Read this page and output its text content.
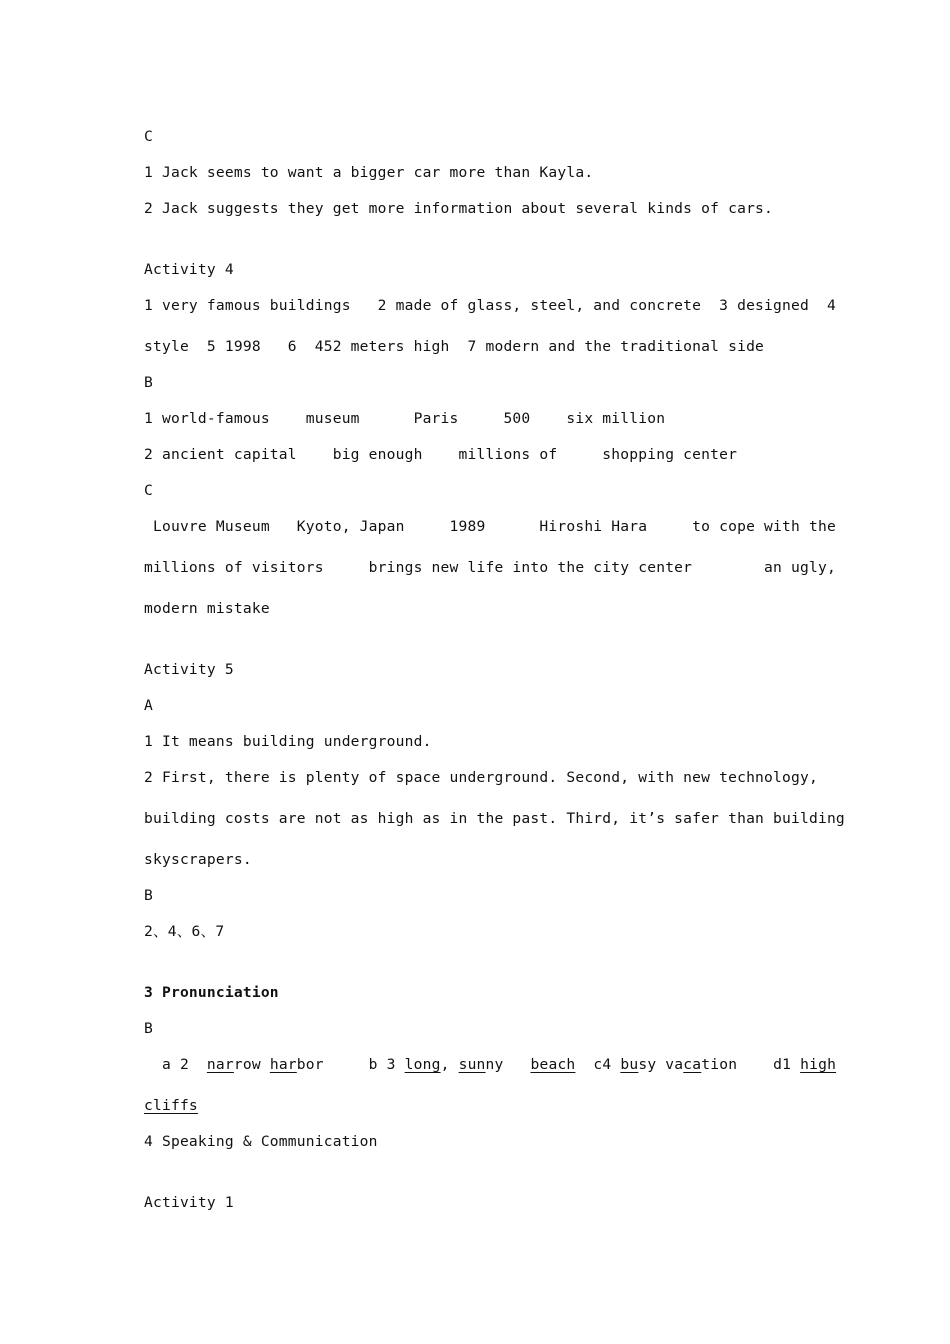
C

1 Jack seems to want a bigger car more than Kayla.

2 Jack suggests they get more information about several kinds of cars.

Activity 4

1 very famous buildings   2 made of glass, steel, and concrete  3 designed  4

style  5 1998   6  452 meters high  7 modern and the traditional side

B

1 world-famous    museum      Paris     500    six million

2 ancient capital    big enough    millions of     shopping center

C

Louvre Museum   Kyoto, Japan     1989      Hiroshi Hara     to cope with the

millions of visitors     brings new life into the city center        an ugly,

modern mistake

Activity 5

A

1 It means building underground.

2 First, there is plenty of space underground. Second, with new technology,

building costs are not as high as in the past. Third, it’s safer than building

skyscrapers.

B

2、4、6、7

3 Pronunciation

B

a 2  narrow harbor     b 3 long, sunny   beach  c4 busy vacation    d1 high

cliffs

4 Speaking & Communication

Activity 1
